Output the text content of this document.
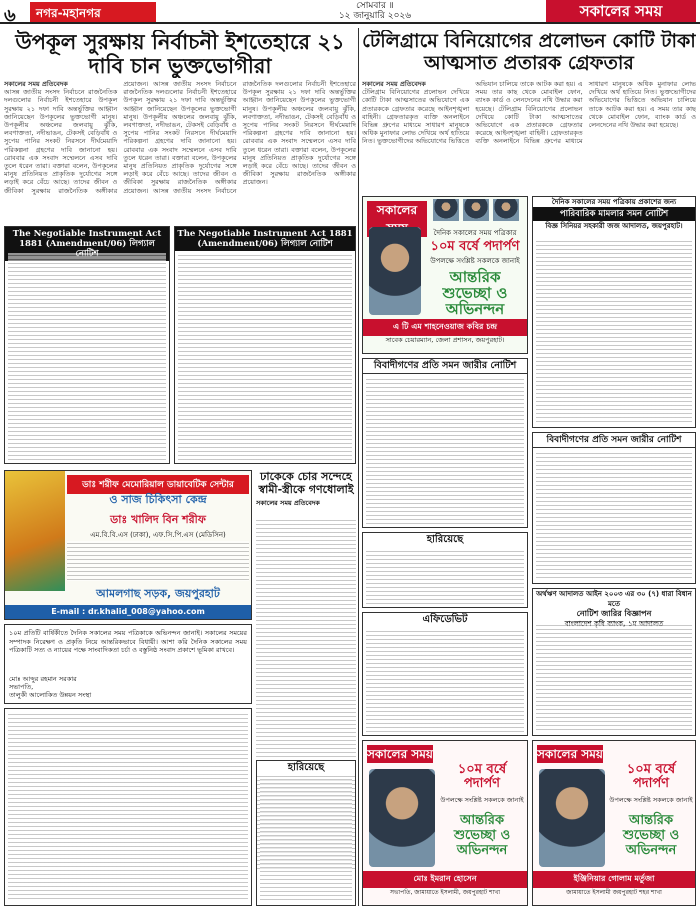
৬	নগর-মহানগর	সোমবার ॥
১২ জানুয়ারি ২০২৬	সকালের সময়
উপকূল সুরক্ষায় নির্বাচনী ইশতেহারে ২১ দাবি চান ভুক্তভোগীরা
সকালের সময় প্রতিবেদক
আসন্ন জাতীয় সংসদ নির্বাচনে রাজনৈতিক দলগুলোর নির্বাচনী ইশতেহারে উপকূল সুরক্ষায় ২১ দফা দাবি অন্তর্ভুক্তির আহ্বান জানিয়েছেন উপকূলের ভুক্তভোগী মানুষ। উপকূলীয় অঞ্চলের জলবায়ু ঝুঁকি, লবণাক্ততা, নদীভাঙন, টেকসই বেড়িবাঁধ ও সুপেয় পানির সংকট নিরসনে দীর্ঘমেয়াদি পরিকল্পনা গ্রহণের দাবি জানানো হয়। রোববার এক সংবাদ সম্মেলনে এসব দাবি তুলে ধরেন তারা। বক্তারা বলেন, উপকূলের মানুষ প্রতিনিয়ত প্রাকৃতিক দুর্যোগের সঙ্গে লড়াই করে বেঁচে আছে। তাদের জীবন ও জীবিকা সুরক্ষায় রাজনৈতিক অঙ্গীকার প্রয়োজন। আসন্ন জাতীয় সংসদ নির্বাচনে রাজনৈতিক দলগুলোর নির্বাচনী ইশতেহারে উপকূল সুরক্ষায় ২১ দফা দাবি অন্তর্ভুক্তির আহ্বান জানিয়েছেন উপকূলের ভুক্তভোগী মানুষ। উপকূলীয় অঞ্চলের জলবায়ু ঝুঁকি, লবণাক্ততা, নদীভাঙন, টেকসই বেড়িবাঁধ ও সুপেয় পানির সংকট নিরসনে দীর্ঘমেয়াদি পরিকল্পনা গ্রহণের দাবি জানানো হয়। রোববার এক সংবাদ সম্মেলনে এসব দাবি তুলে ধরেন তারা। বক্তারা বলেন, উপকূলের মানুষ প্রতিনিয়ত প্রাকৃতিক দুর্যোগের সঙ্গে লড়াই করে বেঁচে আছে। তাদের জীবন ও জীবিকা সুরক্ষায় রাজনৈতিক অঙ্গীকার প্রয়োজন। আসন্ন জাতীয় সংসদ নির্বাচনে রাজনৈতিক দলগুলোর নির্বাচনী ইশতেহারে উপকূল সুরক্ষায় ২১ দফা দাবি অন্তর্ভুক্তির আহ্বান জানিয়েছেন উপকূলের ভুক্তভোগী মানুষ। উপকূলীয় অঞ্চলের জলবায়ু ঝুঁকি, লবণাক্ততা, নদীভাঙন, টেকসই বেড়িবাঁধ ও সুপেয় পানির সংকট নিরসনে দীর্ঘমেয়াদি পরিকল্পনা গ্রহণের দাবি জানানো হয়। রোববার এক সংবাদ সম্মেলনে এসব দাবি তুলে ধরেন তারা। বক্তারা বলেন, উপকূলের মানুষ প্রতিনিয়ত প্রাকৃতিক দুর্যোগের সঙ্গে লড়াই করে বেঁচে আছে। তাদের জীবন ও জীবিকা সুরক্ষায় রাজনৈতিক অঙ্গীকার প্রয়োজন।
টেলিগ্রামে বিনিয়োগের প্রলোভন কোটি টাকা আত্মসাত প্রতারক গ্রেফতার
সকালের সময় প্রতিবেদক
টেলিগ্রাম বিনিয়োগের প্রলোভন দেখিয়ে কোটি টাকা আত্মসাতের অভিযোগে এক প্রতারককে গ্রেফতার করেছে আইনশৃঙ্খলা বাহিনী। গ্রেফতারকৃত ব্যক্তি অনলাইনে বিভিন্ন গ্রুপের মাধ্যমে সাধারণ মানুষকে অধিক মুনাফার লোভ দেখিয়ে অর্থ হাতিয়ে নিত। ভুক্তভোগীদের অভিযোগের ভিত্তিতে অভিযান চালিয়ে তাকে আটক করা হয়। এ সময় তার কাছ থেকে মোবাইল ফোন, ব্যাংক কার্ড ও লেনদেনের নথি উদ্ধার করা হয়েছে। টেলিগ্রাম বিনিয়োগের প্রলোভন দেখিয়ে কোটি টাকা আত্মসাতের অভিযোগে এক প্রতারককে গ্রেফতার করেছে আইনশৃঙ্খলা বাহিনী। গ্রেফতারকৃত ব্যক্তি অনলাইনে বিভিন্ন গ্রুপের মাধ্যমে সাধারণ মানুষকে অধিক মুনাফার লোভ দেখিয়ে অর্থ হাতিয়ে নিত। ভুক্তভোগীদের অভিযোগের ভিত্তিতে অভিযান চালিয়ে তাকে আটক করা হয়। এ সময় তার কাছ থেকে মোবাইল ফোন, ব্যাংক কার্ড ও লেনদেনের নথি উদ্ধার করা হয়েছে।
সকালের
দৈনিক সকালের সময় পত্রিকার
১০ম বর্ষে পদার্পণ
উপলক্ষে সংশ্লিষ্ট সকলকে জানাই
আন্তরিক শুভেচ্ছা ও অভিনন্দন
এ টি এম শাহনেওয়াজ কবির চন্দ্র
সাবেক চেয়ারম্যান, জেলা প্রশাসন, জয়পুরহাট।
দৈনিক সকালের সময় পত্রিকায় প্রকাশের জন্য
পারিবারিক মামলার সমন নোটিশ
বিজ্ঞ সিনিয়র সহকারী জজ আদালত, জয়পুরহাট।
The Negotiable Instrument Act 1881 (Amendment/06) লিগ্যাল
The Negotiable Instrument Act 1881 (Amendment/06) লিগ্যাল নোটিশ
বিবাদীগণের প্রতি সমন জারীর নোটিশ
বিবাদীগণের প্রতি সমন জারীর নোটিশ
ডাঃ শরীফ মেমোরিয়াল ডায়াবেটিক সেন্টার
ও সাজ চিকিৎসা কেন্দ্র
ডাঃ খালিদ বিন শরীফ
এম.বি.বি.এস (ঢাকা), এফ.সি.পি.এস (মেডিসিন)
আমলগাছ সড়ক, জয়পুরহাট
E-mail : dr.khalid_008@yahoo.com
ঢাকেকে চোর সন্দেহে স্বামী-স্ত্রীকে গণধোলাই
সকালের সময় প্রতিবেদক
১০ম প্রতিটি বার্ষিকীতে দৈনিক সকালের সময় পত্রিকাকে অভিনন্দন জানাই। সকালের সময়ের সম্পাদক নিরেক্ষণ ও প্রকৃতি নিয়ে আন্তরিকভাবে বিধায়ী। আশা করি দৈনিক সকালের সময় পত্রিকাটি সত্য ও ন্যায়ের পক্ষে সাংবাদিকতা চর্চা ও বস্তুনিষ্ঠ সংবাদ প্রকাশে ভূমিকা রাখবে।
মোঃ আব্দুর রহমান সরকার
সভাপতি,
তালুকী আলোকিত উন্নয়ন সংস্থা
হারিয়েছে
এফিডেভিট
অর্থঋণ আদালত আইন ২০০৩ এর ৩০ (৭) ধারা বিধান মতে
নোটিশ জারির বিজ্ঞাপন
হারিয়েছে
সকালের সময়
১০ম বর্ষে পদার্পণ
উপলক্ষে সংশ্লিষ্ট সকলকে জানাই
আন্তরিক শুভেচ্ছা ও অভিনন্দন
মোঃ ইমরান হোসেন
সভাপতি, জামায়াতে ইসলামী, জয়পুরহাট শাখা
সকালের সময়
১০ম বর্ষে পদার্পণ
উপলক্ষে সংশ্লিষ্ট সকলকে জানাই
আন্তরিক শুভেচ্ছা ও অভিনন্দন
ইঞ্জিনিয়ার গোলাম মর্তুজা
জামায়াতে ইসলামী জয়পুরহাট শহর শাখা
